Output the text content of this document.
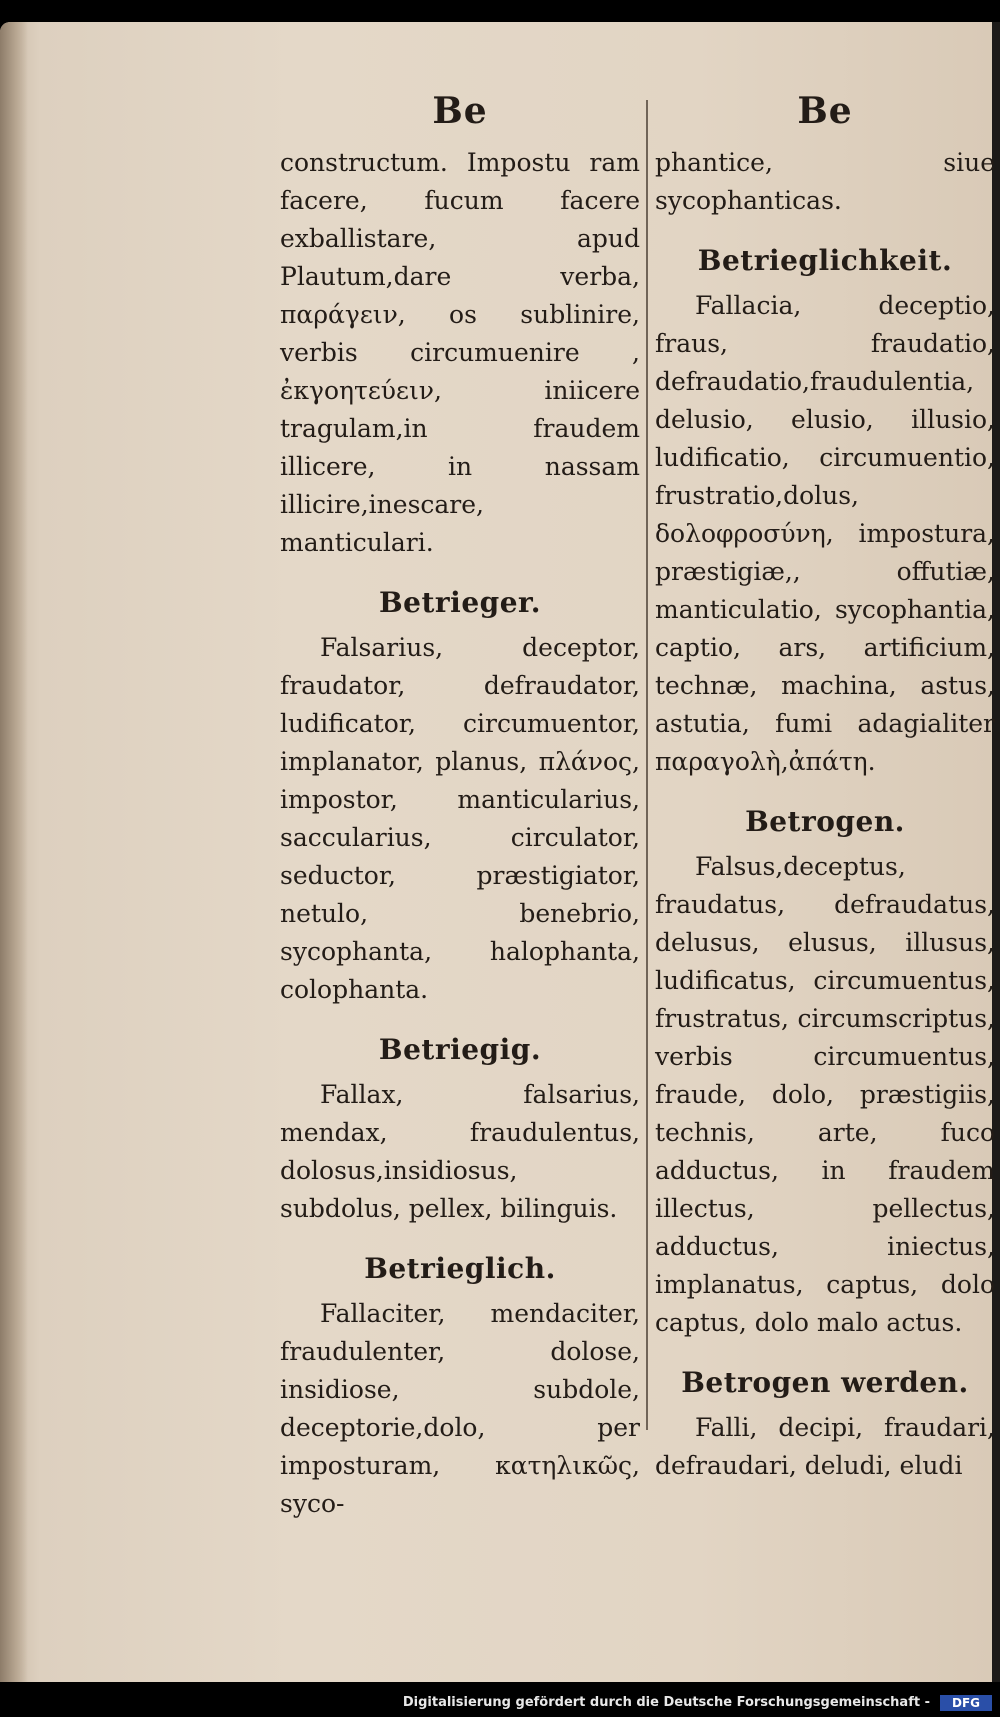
Be

constructum. Impostu ram facere, fucum facere exballistare, apud Plautum,dare verba, παράγειν, os sublinire, verbis circumuenire , ἐκγοητεύειν, iniicere tragulam,in fraudem illicere, in nassam illicire,inescare, manticulari.

Betrieger.

Falsarius, deceptor, fraudator, defraudator, ludificator, circumuentor, implanator, planus, πλάνος, impostor, manticularius, saccularius, circulator, seductor, præstigiator, netulo, benebrio, sycophanta, halophanta, colophanta.

Betriegig.

Fallax, falsarius, mendax, fraudulentus, dolosus,insidiosus, subdolus, pellex, bilinguis.

Betrieglich.

Fallaciter, mendaciter, fraudulenter, dolose, insidiose, subdole, deceptorie,dolo, per imposturam, κατηλικῶς, syco-

Be

phantice, siue sycophanticas.

Betrieglichkeit.

Fallacia, deceptio, fraus, fraudatio, defraudatio,fraudulentia, delusio, elusio, illusio, ludificatio, circumuentio, frustratio,dolus, δολοφροσύνη, impostura, præstigiæ,, offutiæ, manticulatio, sycophantia, captio, ars, artificium, technæ, machina, astus, astutia, fumi adagialiter παραγολὴ,ἀπάτη.

Betrogen.

Falsus,deceptus, fraudatus, defraudatus, delusus, elusus, illusus, ludificatus, circumuentus, frustratus, circumscriptus, verbis circumuentus, fraude, dolo, præstigiis, technis, arte, fuco adductus, in fraudem illectus, pellectus, adductus, iniectus, implanatus, captus, dolo captus, dolo malo actus.

Betrogen werden.

Falli, decipi, fraudari, defraudari, deludi, eludi

Digitalisierung gefördert durch die Deutsche Forschungsgemeinschaft -	DFG
